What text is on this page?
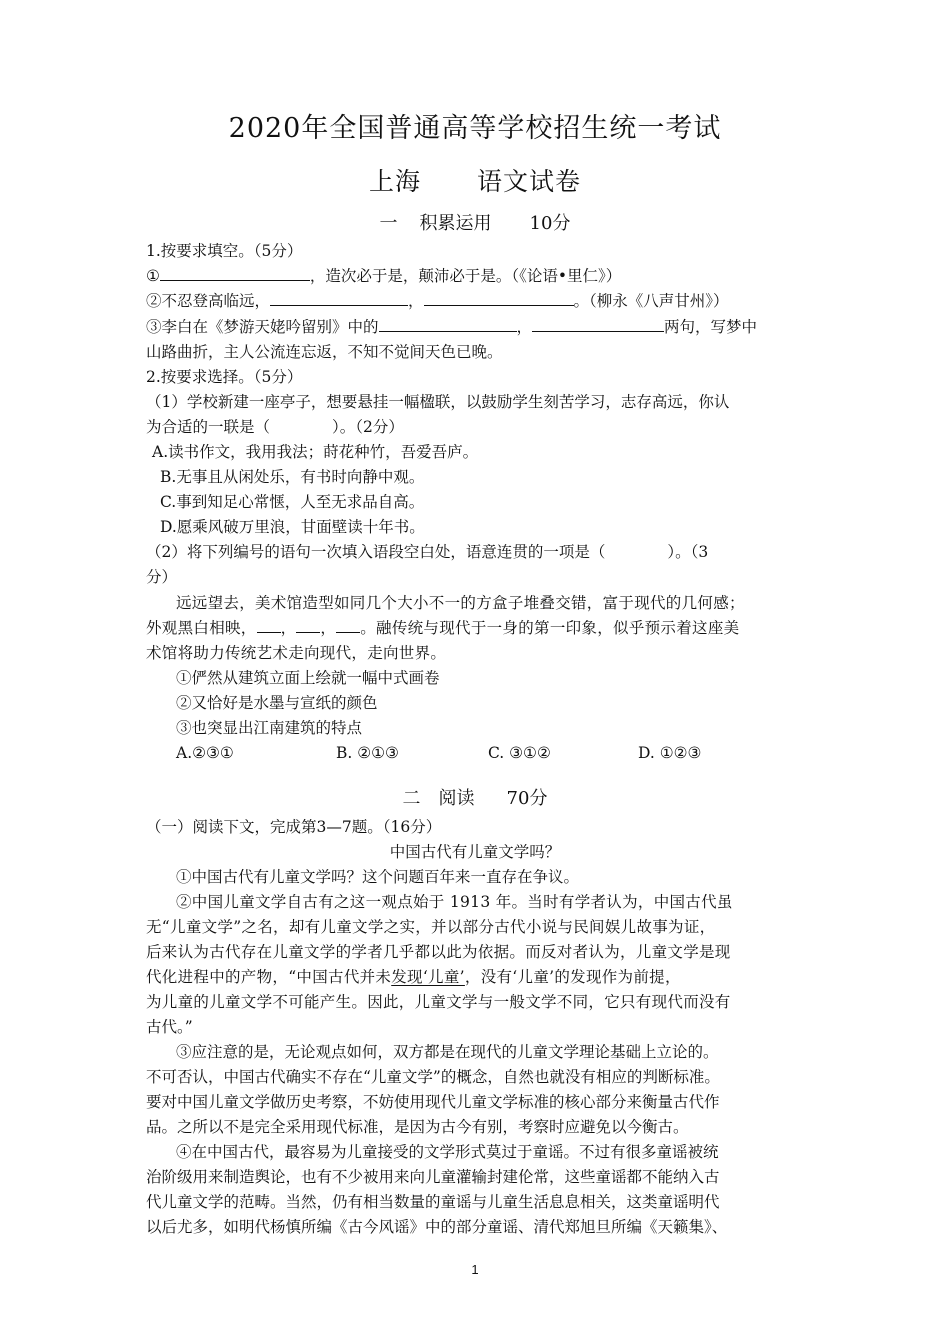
2020年全国普通高等学校招生统一考试
上海 语文试卷
一 积累运用 10分
1.按要求填空。（5分）
①	，造次必于是，颠沛必于是。（《论语•里仁》）
②不忍登高临远，	，	。（柳永《八声甘州》）
③李白在《梦游天姥吟留别》中的	，	两句，写梦中
山路曲折，主人公流连忘返，不知不觉间天色已晚。
2.按要求选择。（5分）
（1）学校新建一座亭子，想要悬挂一幅楹联，以鼓励学生刻苦学习，志存高远，你认
为合适的一联是（　　　　）。（2分）
A.读书作文，我用我法；莳花种竹，吾爱吾庐。
B.无事且从闲处乐，有书时向静中观。
C.事到知足心常惬，人至无求品自高。
D.愿乘风破万里浪，甘面壁读十年书。
（2）将下列编号的语句一次填入语段空白处，语意连贯的一项是（　　　　）。（3
分）
远远望去，美术馆造型如同几个大小不一的方盒子堆叠交错，富于现代的几何感；
外观黑白相映， ， ， 。融传统与现代于一身的第一印象，似乎预示着这座美
术馆将助力传统艺术走向现代，走向世界。
①俨然从建筑立面上绘就一幅中式画卷
②又恰好是水墨与宣纸的颜色
③也突显出江南建筑的特点
A.②③①	B. ②①③	C. ③①②	D. ①②③
二 阅读 70分
（一）阅读下文，完成第3—7题。（16分）
中国古代有儿童文学吗？
①中国古代有儿童文学吗？这个问题百年来一直存在争议。
②中国儿童文学自古有之这一观点始于 1913 年。当时有学者认为，中国古代虽
无“儿童文学”之名，却有儿童文学之实，并以部分古代小说与民间娱儿故事为证，
后来认为古代存在儿童文学的学者几乎都以此为依据。而反对者认为，儿童文学是现
代化进程中的产物，“中国古代并未发现‘儿童’，没有‘儿童’的发现作为前提，
为儿童的儿童文学不可能产生。因此，儿童文学与一般文学不同，它只有现代而没有
古代。”
③应注意的是，无论观点如何，双方都是在现代的儿童文学理论基础上立论的。
不可否认，中国古代确实不存在“儿童文学”的概念，自然也就没有相应的判断标准。
要对中国儿童文学做历史考察，不妨使用现代儿童文学标准的核心部分来衡量古代作
品。之所以不是完全采用现代标准，是因为古今有别，考察时应避免以今衡古。
④在中国古代，最容易为儿童接受的文学形式莫过于童谣。不过有很多童谣被统
治阶级用来制造舆论，也有不少被用来向儿童灌输封建伦常，这些童谣都不能纳入古
代儿童文学的范畴。当然，仍有相当数量的童谣与儿童生活息息相关，这类童谣明代
以后尤多，如明代杨慎所编《古今风谣》中的部分童谣、清代郑旭旦所编《天籁集》、
1
